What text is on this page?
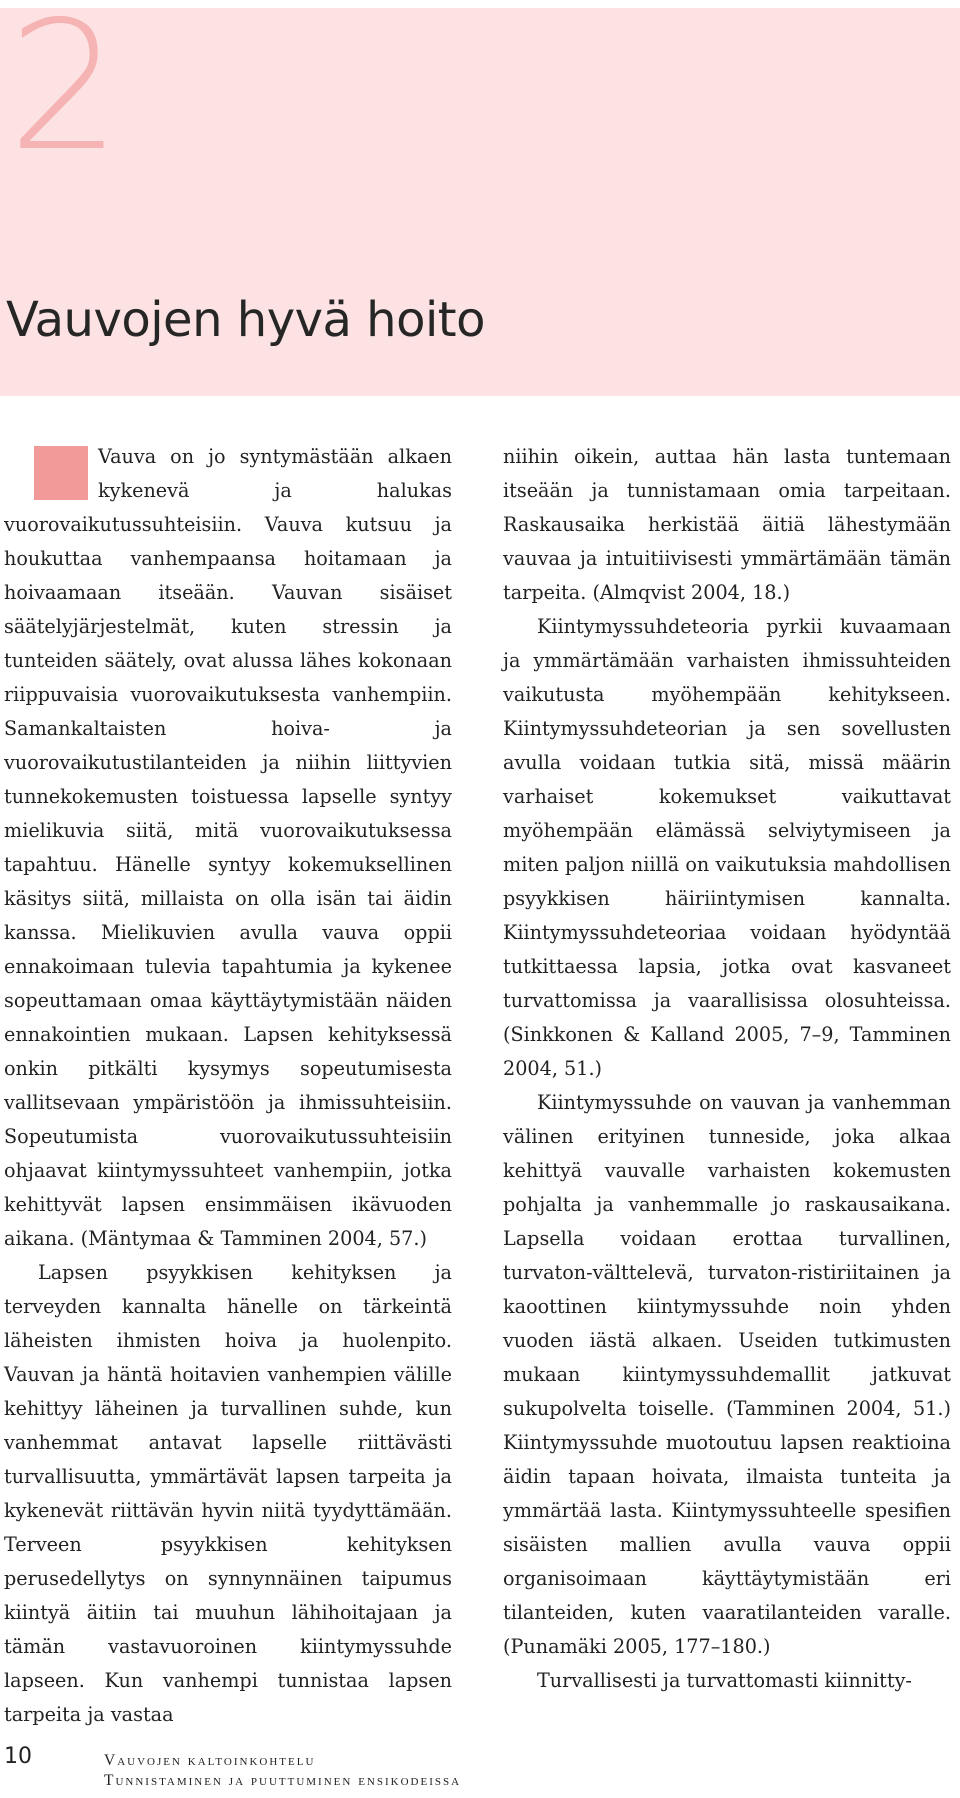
2
Vauvojen hyvä hoito

Vauva on jo syntymästään alkaen kykenevä ja halukas vuorovaikutussuhteisiin. Vauva kutsuu ja houkuttaa vanhempaansa hoitamaan ja hoivaamaan itseään. Vauvan sisäiset säätelyjärjestelmät, kuten stressin ja tunteiden säätely, ovat alussa lähes kokonaan riippuvaisia vuorovaikutuksesta vanhempiin. Samankaltaisten hoiva- ja vuorovaikutustilanteiden ja niihin liittyvien tunnekokemusten toistuessa lapselle syntyy mielikuvia siitä, mitä vuorovaikutuksessa tapahtuu. Hänelle syntyy kokemuksellinen käsitys siitä, millaista on olla isän tai äidin kanssa. Mielikuvien avulla vauva oppii ennakoimaan tulevia tapahtumia ja kykenee sopeuttamaan omaa käyttäytymistään näiden ennakointien mukaan. Lapsen kehityksessä onkin pitkälti kysymys sopeutumisesta vallitsevaan ympäristöön ja ihmissuhteisiin. Sopeutumista vuorovaikutussuhteisiin ohjaavat kiintymyssuhteet vanhempiin, jotka kehittyvät lapsen ensimmäisen ikävuoden aikana. (Mäntymaa & Tamminen 2004, 57.)

Lapsen psyykkisen kehityksen ja terveyden kannalta hänelle on tärkeintä läheisten ihmisten hoiva ja huolenpito. Vauvan ja häntä hoitavien vanhempien välille kehittyy läheinen ja turvallinen suhde, kun vanhemmat antavat lapselle riittävästi turvallisuutta, ymmärtävät lapsen tarpeita ja kykenevät riittävän hyvin niitä tyydyttämään. Terveen psyykkisen kehityksen perusedellytys on synnynnäinen taipumus kiintyä äitiin tai muuhun lähihoitajaan ja tämän vastavuoroinen kiintymyssuhde lapseen. Kun vanhempi tunnistaa lapsen tarpeita ja vastaa

niihin oikein, auttaa hän lasta tuntemaan itseään ja tunnistamaan omia tarpeitaan. Raskausaika herkistää äitiä lähestymään vauvaa ja intuitiivisesti ymmärtämään tämän tarpeita. (Almqvist 2004, 18.)

Kiintymyssuhdeteoria pyrkii kuvaamaan ja ymmärtämään varhaisten ihmissuhteiden vaikutusta myöhempään kehitykseen. Kiintymyssuhdeteorian ja sen sovellusten avulla voidaan tutkia sitä, missä määrin varhaiset kokemukset vaikuttavat myöhempään elämässä selviytymiseen ja miten paljon niillä on vaikutuksia mahdollisen psyykkisen häiriintymisen kannalta. Kiintymyssuhdeteoriaa voidaan hyödyntää tutkittaessa lapsia, jotka ovat kasvaneet turvattomissa ja vaarallisissa olosuhteissa. (Sinkkonen & Kalland 2005, 7–9, Tamminen 2004, 51.)

Kiintymyssuhde on vauvan ja vanhemman välinen erityinen tunneside, joka alkaa kehittyä vauvalle varhaisten kokemusten pohjalta ja vanhemmalle jo raskausaikana. Lapsella voidaan erottaa turvallinen, turvaton-välttelevä, turvaton-ristiriitainen ja kaoottinen kiintymyssuhde noin yhden vuoden iästä alkaen. Useiden tutkimusten mukaan kiintymyssuhdemallit jatkuvat sukupolvelta toiselle. (Tamminen 2004, 51.) Kiintymyssuhde muotoutuu lapsen reaktioina äidin tapaan hoivata, ilmaista tunteita ja ymmärtää lasta. Kiintymyssuhteelle spesifien sisäisten mallien avulla vauva oppii organisoimaan käyttäytymistään eri tilanteiden, kuten vaaratilanteiden varalle. (Punamäki 2005, 177–180.)

Turvallisesti ja turvattomasti kiinnitty-

10	Vauvojen kaltoinkohtelu
Tunnistaminen ja puuttuminen ensikodeissa
